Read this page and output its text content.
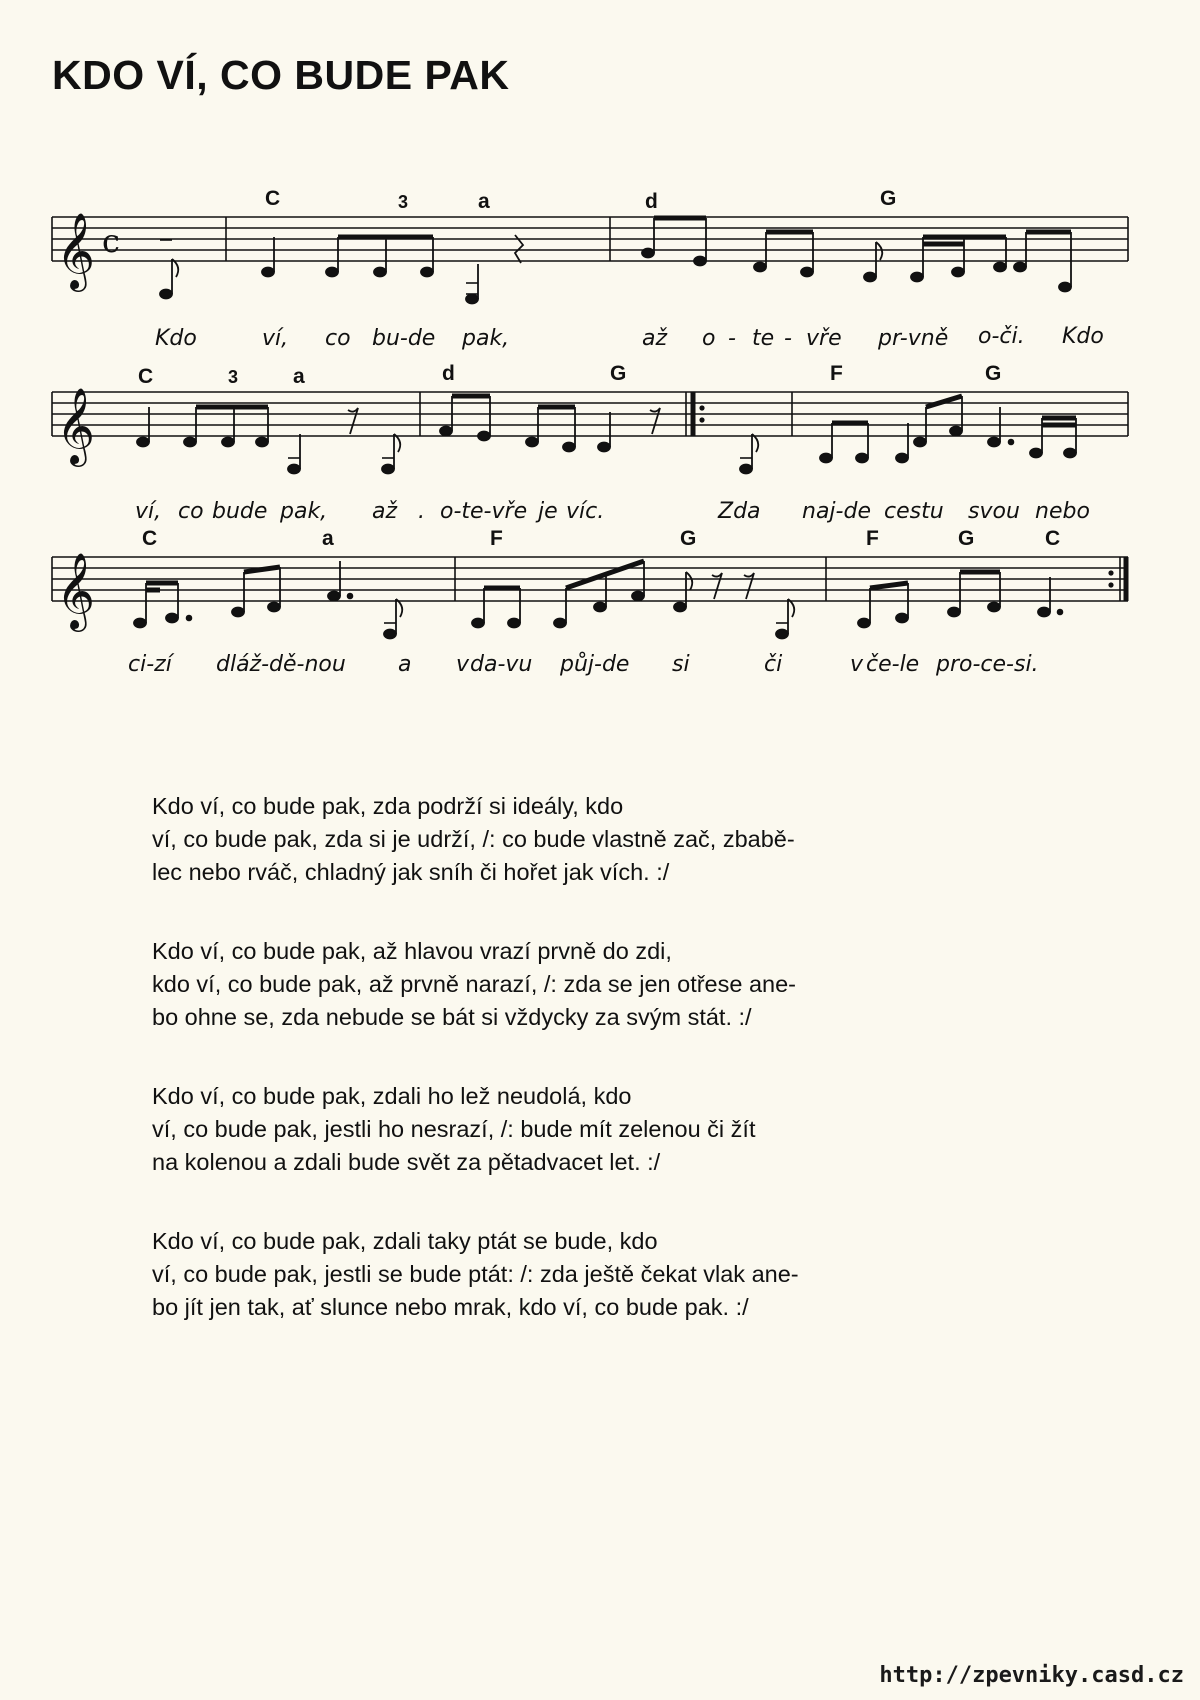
KDO VÍ, CO BUDE PAK
𝄞 c
C	3	a	d	G
Kdo	ví, co bu-de pak,	až o - te - vře pr-vně o-či. Kdo
𝄞
C	3	a	d	G	F	G
ví, co bude pak, až . o-te-vře je víc.	Zda naj-de cestu svou nebo
𝄞
C	a	F	G	F	G	C
ci-zí dláž-dě-nou a v da-vu půj-de si	či	v če-le pro-ce-si.
Kdo ví, co bude pak, zda podrží si ideály, kdo
ví, co bude pak, zda si je udrží, /: co bude vlastně zač, zbabě-
lec nebo rváč, chladný jak sníh či hořet jak vích. :/
Kdo ví, co bude pak, až hlavou vrazí prvně do zdi,
kdo ví, co bude pak, až prvně narazí, /: zda se jen otřese ane-
bo ohne se, zda nebude se bát si vždycky za svým stát. :/
Kdo ví, co bude pak, zdali ho lež neudolá, kdo
ví, co bude pak, jestli ho nesrazí, /: bude mít zelenou či žít
na kolenou a zdali bude svět za pětadvacet let. :/
Kdo ví, co bude pak, zdali taky ptát se bude, kdo
ví, co bude pak, jestli se bude ptát: /: zda ještě čekat vlak ane-
bo jít jen tak, ať slunce nebo mrak, kdo ví, co bude pak. :/
http://zpevniky.casd.cz
